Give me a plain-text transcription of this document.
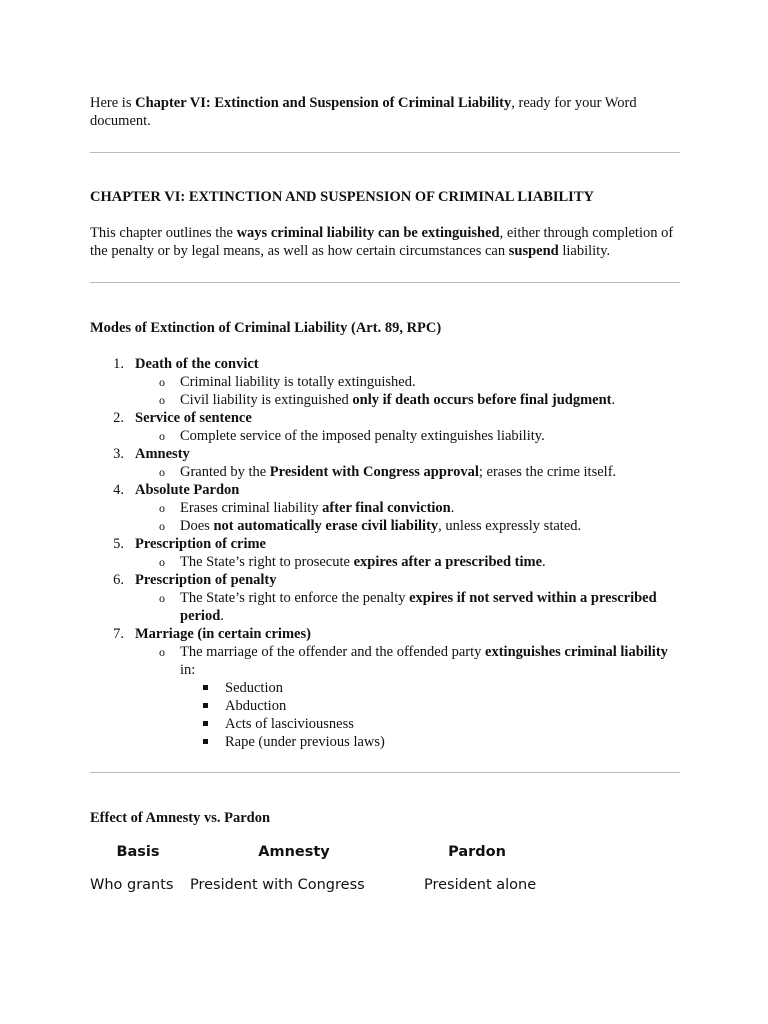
Here is Chapter VI: Extinction and Suspension of Criminal Liability, ready for your Word document.

CHAPTER VI: EXTINCTION AND SUSPENSION OF CRIMINAL LIABILITY

This chapter outlines the ways criminal liability can be extinguished, either through completion of the penalty or by legal means, as well as how certain circumstances can suspend liability.

Modes of Extinction of Criminal Liability (Art. 89, RPC)

1. Death of the convict
o Criminal liability is totally extinguished.
o Civil liability is extinguished only if death occurs before final judgment.
2. Service of sentence
o Complete service of the imposed penalty extinguishes liability.
3. Amnesty
o Granted by the President with Congress approval; erases the crime itself.
4. Absolute Pardon
o Erases criminal liability after final conviction.
o Does not automatically erase civil liability, unless expressly stated.
5. Prescription of crime
o The State’s right to prosecute expires after a prescribed time.
6. Prescription of penalty
o The State’s right to enforce the penalty expires if not served within a prescribed period.
7. Marriage (in certain crimes)
o The marriage of the offender and the offended party extinguishes criminal liability in:
Seduction
Abduction
Acts of lasciviousness
Rape (under previous laws)

Effect of Amnesty vs. Pardon

Basis	Amnesty	Pardon
Who grants	President with Congress	President alone
